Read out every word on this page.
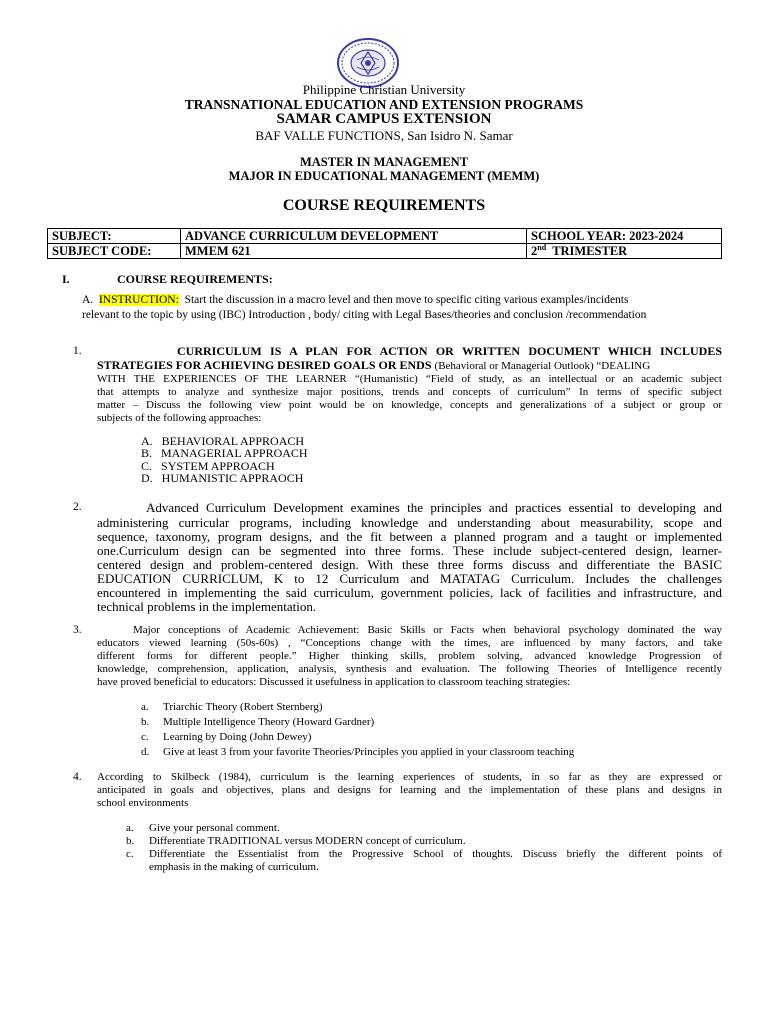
Philippine Christian University
TRANSNATIONAL EDUCATION AND EXTENSION PROGRAMS
SAMAR CAMPUS EXTENSION
BAF VALLE FUNCTIONS, San Isidro N. Samar
MASTER IN MANAGEMENT
MAJOR IN EDUCATIONAL MANAGEMENT (MEMM)
COURSE REQUIREMENTS
SUBJECT:	ADVANCE CURRICULUM DEVELOPMENT	SCHOOL YEAR: 2023-2024
SUBJECT CODE:	MMEM 621	2nd TRIMESTER
I.	COURSE REQUIREMENTS:
A. INSTRUCTION: Start the discussion in a macro level and then move to specific citing various examples/incidents
relevant to the topic by using (IBC) Introduction , body/ citing with Legal Bases/theories and conclusion /recommendation
1.	CURRICULUM IS A PLAN FOR ACTION OR WRITTEN DOCUMENT WHICH INCLUDES
STRATEGIES FOR ACHIEVING DESIRED GOALS OR ENDS (Behavioral or Managerial Outlook) “DEALING
WITH THE EXPERIENCES OF THE LEARNER “(Humanistic) “Field of study, as an intellectual or an academic subject
that attempts to analyze and synthesize major positions, trends and concepts of curriculum” In terms of specific subject
matter – Discuss the following view point would be on knowledge, concepts and generalizations of a subject or group or
subjects of the following approaches:
A. BEHAVIORAL APPROACH
B. MANAGERIAL APPROACH
C. SYSTEM APPROACH
D. HUMANISTIC APPRAOCH
2.	Advanced Curriculum Development examines the principles and practices essential to developing and
administering curricular programs, including knowledge and understanding about measurability, scope and
sequence, taxonomy, program designs, and the fit between a planned program and a taught or implemented
one.Curriculum design can be segmented into three forms. These include subject-centered design, learner-
centered design and problem-centered design. With these three forms discuss and differentiate the BASIC
EDUCATION CURRICLUM, K to 12 Curriculum and MATATAG Curriculum. Includes the challenges
encountered in implementing the said curriculum, government policies, lack of facilities and infrastructure, and
technical problems in the implementation.
3.	Major conceptions of Academic Achievement: Basic Skills or Facts when behavioral psychology dominated the way
educators viewed learning (50s-60s) , “Conceptions change with the times, are influenced by many factors, and take
different forms for different people.” Higher thinking skills, problem solving, advanced knowledge Progression of
knowledge, comprehension, application, analysis, synthesis and evaluation. The following Theories of Intelligence recently
have proved beneficial to educators: Discussed it usefulness in application to classroom teaching strategies:
a. Triarchic Theory (Robert Sternberg)
b. Multiple Intelligence Theory (Howard Gardner)
c. Learning by Doing (John Dewey)
d. Give at least 3 from your favorite Theories/Principles you applied in your classroom teaching
4. According to Skilbeck (1984), curriculum is the learning experiences of students, in so far as they are expressed or
anticipated in goals and objectives, plans and designs for learning and the implementation of these plans and designs in
school environments
a. Give your personal comment.
b. Differentiate TRADITIONAL versus MODERN concept of curriculum.
c. Differentiate the Essentialist from the Progressive School of thoughts. Discuss briefly the different points of
emphasis in the making of curriculum.
